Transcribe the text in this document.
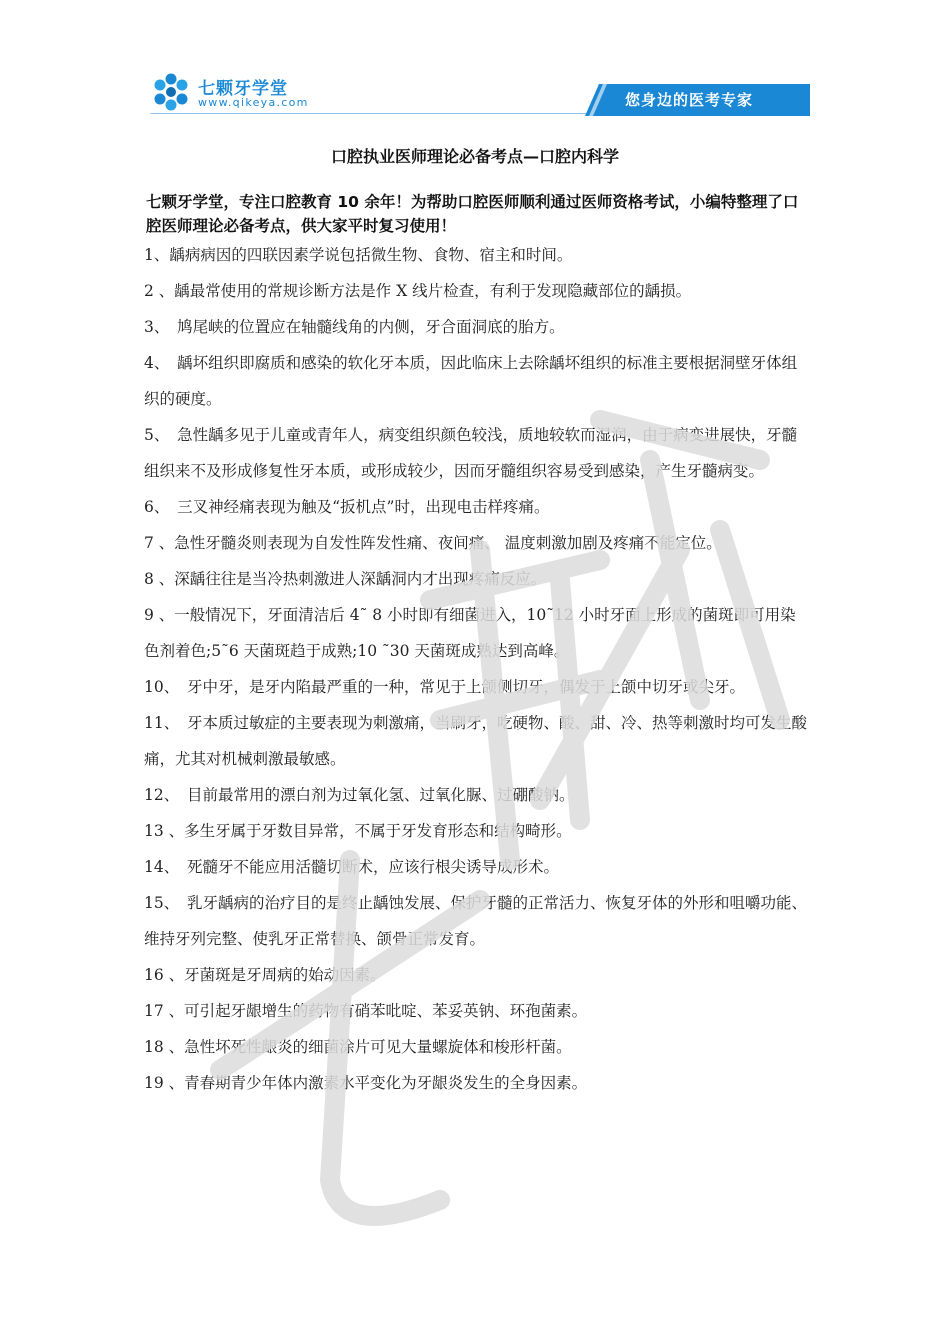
七颗牙学堂
www.qikeya.com	您身边的医考专家
口腔执业医师理论必备考点—口腔内科学
七颗牙学堂，专注口腔教育 10 余年！为帮助口腔医师顺利通过医师资格考试，小编特整理了口腔医师理论必备考点，供大家平时复习使用！

1、龋病病因的四联因素学说包括微生物、食物、宿主和时间。

2 、龋最常使用的常规诊断方法是作 X 线片检查，有利于发现隐藏部位的龋损。

3、　鸠尾峡的位置应在轴髓线角的内侧，牙合面洞底的胎方。

4、　龋坏组织即腐质和感染的软化牙本质，因此临床上去除龋坏组织的标准主要根据洞壁牙体组织的硬度。

5、　急性龋多见于儿童或青年人，病变组织颜色较浅，质地较软而湿润，由于病变进展快，牙髓组织来不及形成修复性牙本质，或形成较少，因而牙髓组织容易受到感染，产生牙髓病变。

6、　三叉神经痛表现为触及“扳机点”时，出现电击样疼痛。

7 、急性牙髓炎则表现为自发性阵发性痛、夜间痛、 温度刺激加剧及疼痛不能定位。

8 、深龋往往是当冷热刺激进人深龋洞内才出现疼痛反应。

9 、一般情况下，牙面清洁后 4˜ 8 小时即有细菌进入，10˜12 小时牙面上形成的菌斑即可用染色剂着色;5˜6 天菌斑趋于成熟;10 ˜30 天菌斑成熟达到高峰。

10、　牙中牙，是牙内陷最严重的一种，常见于上颌侧切牙，偶发于上颌中切牙或尖牙。

11、　牙本质过敏症的主要表现为刺激痛，当刷牙，吃硬物、酸、甜、冷、热等刺激时均可发生酸痛，尤其对机械刺激最敏感。

12、　目前最常用的漂白剂为过氧化氢、过氧化脲、过硼酸钠。

13 、多生牙属于牙数目异常，不属于牙发育形态和结构畸形。

14、　死髓牙不能应用活髓切断术，应该行根尖诱导成形术。

15、　乳牙龋病的治疗目的是终止龋蚀发展、保护牙髓的正常活力、恢复牙体的外形和咀嚼功能、维持牙列完整、使乳牙正常替换、颌骨正常发育。

16 、牙菌斑是牙周病的始动因素。

17 、可引起牙龈增生的药物有硝苯吡啶、苯妥英钠、环孢菌素。

18 、急性坏死性龈炎的细菌涂片可见大量螺旋体和梭形杆菌。

19 、青春期青少年体内激素水平变化为牙龈炎发生的全身因素。
